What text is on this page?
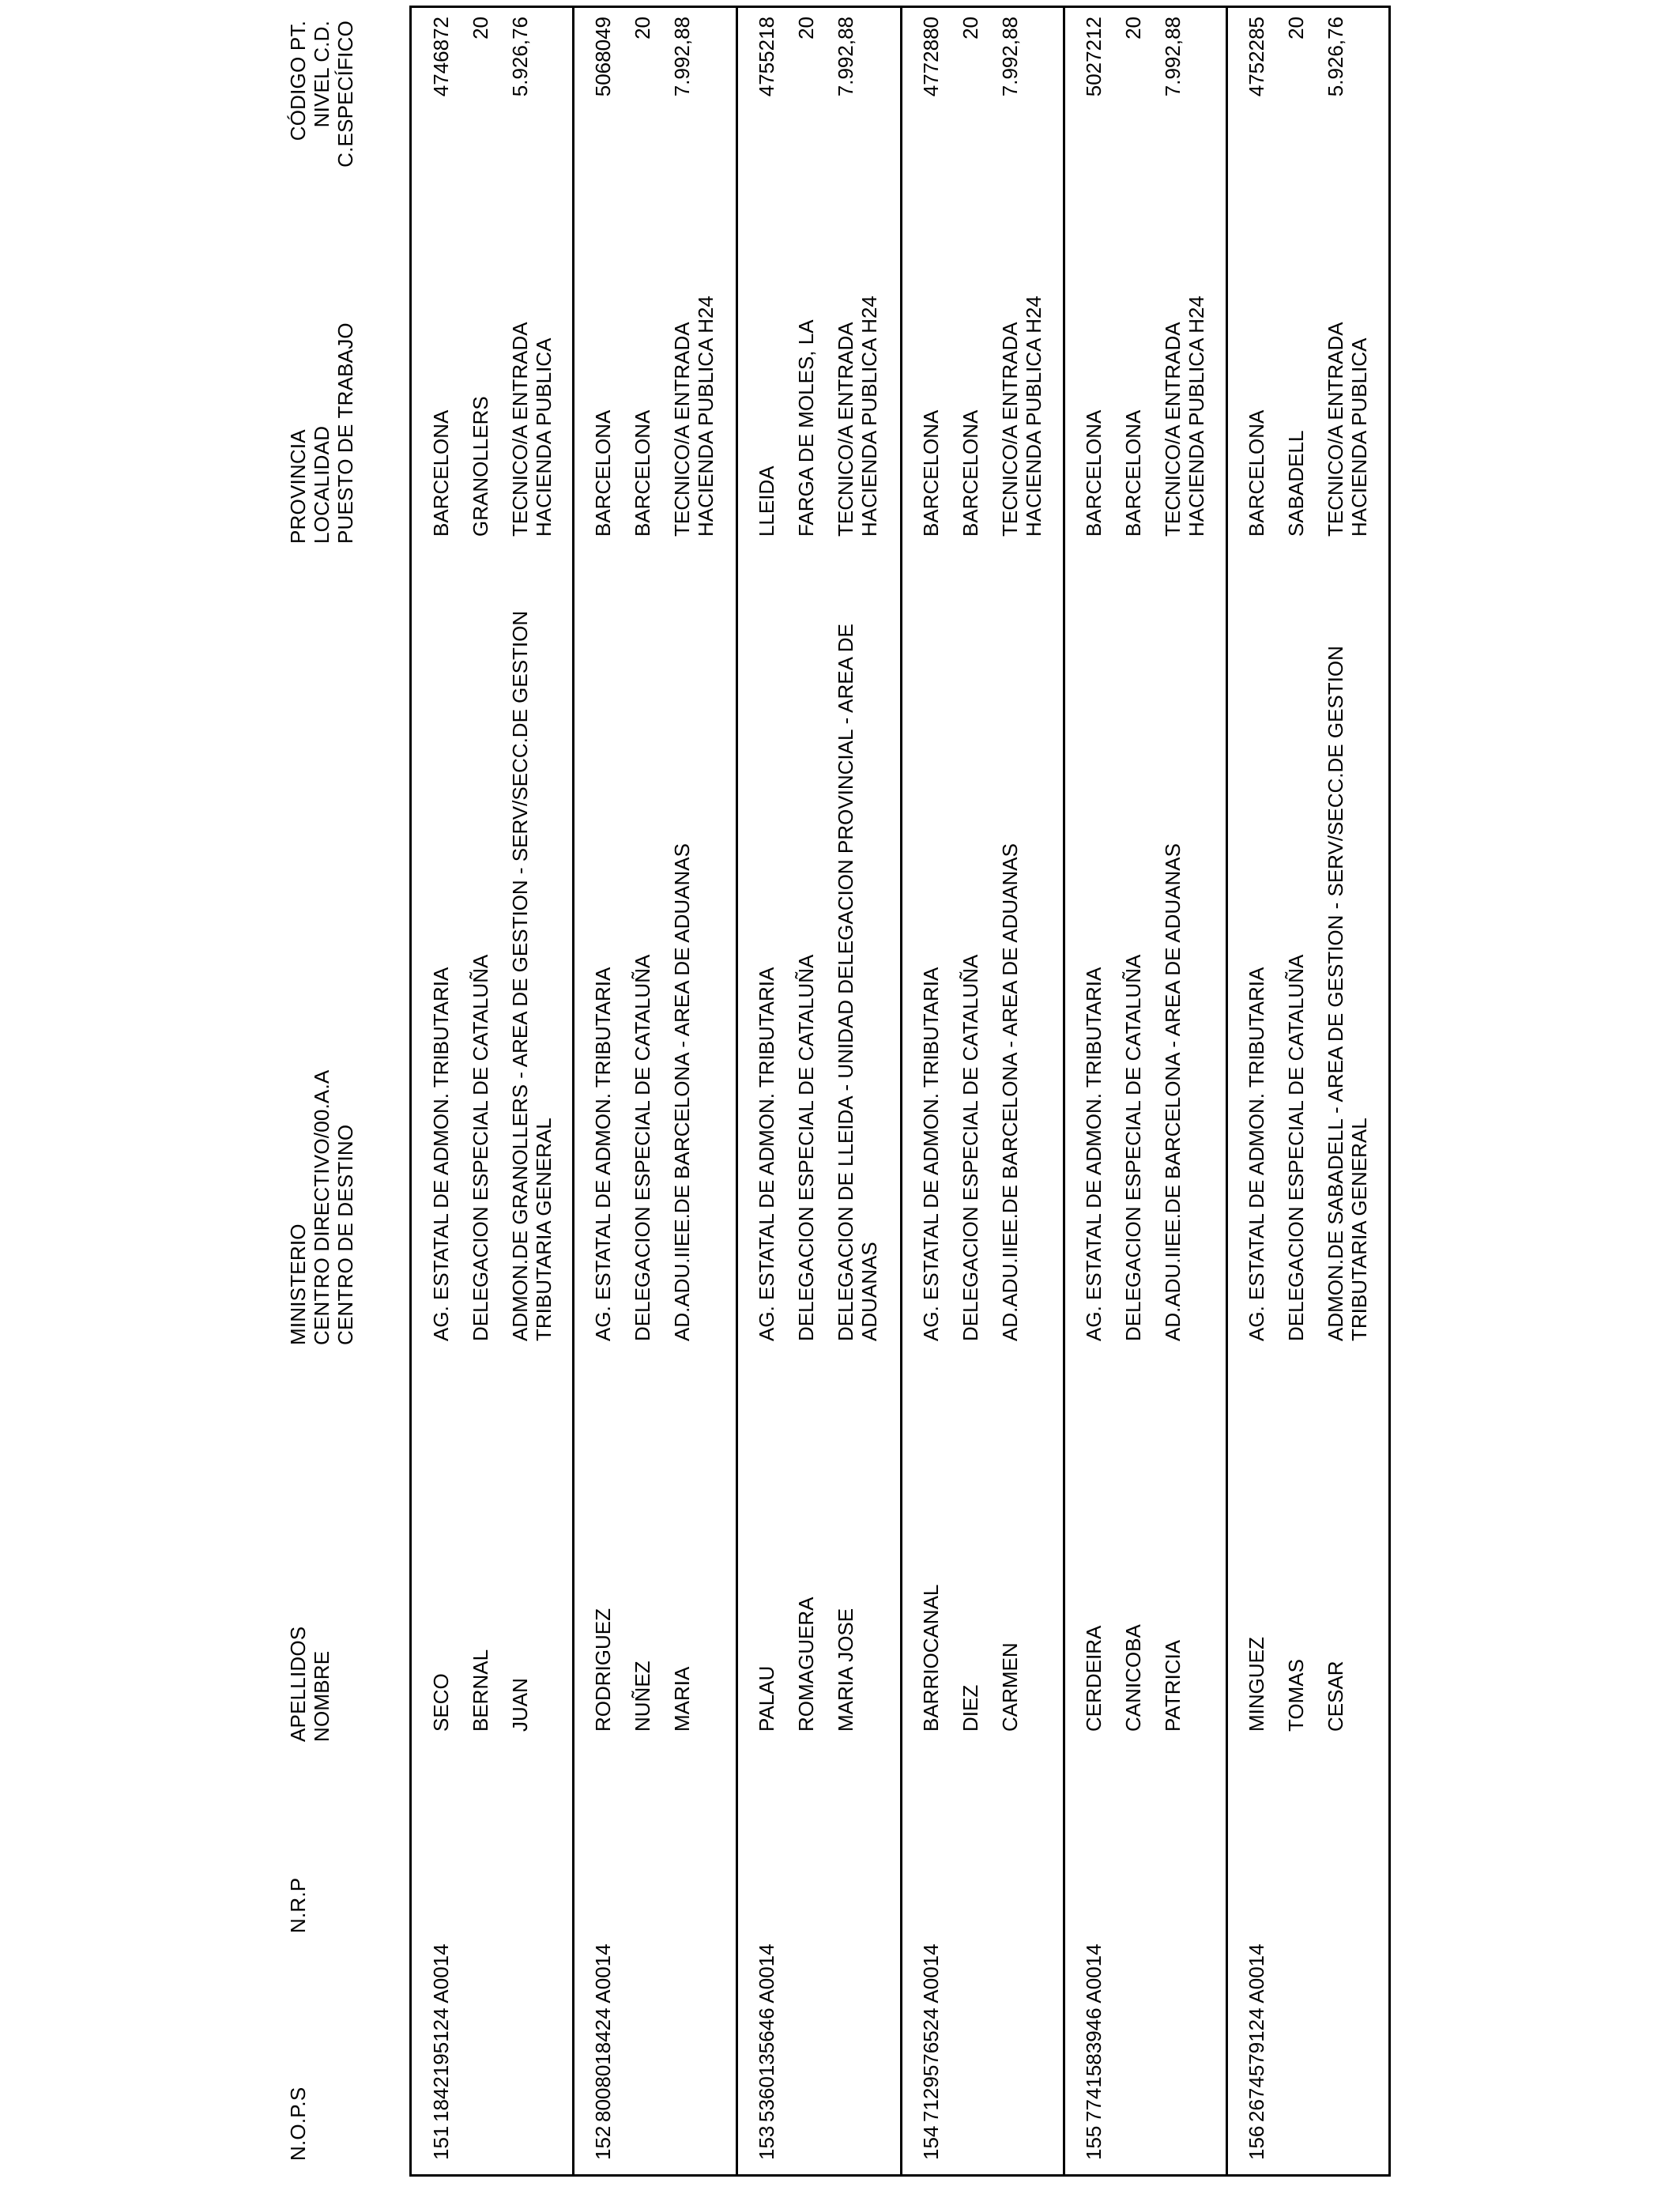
N.O.P.S
N.R.P
APELLIDOS
NOMBRE
MINISTERIO
CENTRO DIRECTIVO/00.A.A
CENTRO DE DESTINO
PROVINCIA
LOCALIDAD
PUESTO DE TRABAJO
CÓDIGO PT.
NIVEL C.D.
C.ESPECÍFICO
151
1842195124 A0014
SECO BERNAL JUAN
AG. ESTATAL DE ADMON. TRIBUTARIA DELEGACION ESPECIAL DE CATALUÑA ADMON.DE GRANOLLERS - AREA DE GESTION - SERV/SECC.DE GESTION TRIBUTARIA GENERAL
BARCELONA GRANOLLERS TECNICO/A ENTRADA HACIENDA PUBLICA
4746872 20 5.926,76
152
8008018424 A0014
RODRIGUEZ NUÑEZ MARIA
AG. ESTATAL DE ADMON. TRIBUTARIA DELEGACION ESPECIAL DE CATALUÑA AD.ADU.IIEE.DE BARCELONA - AREA DE ADUANAS
BARCELONA BARCELONA TECNICO/A ENTRADA HACIENDA PUBLICA H24
5068049 20 7.992,88
153
5360135646 A0014
PALAU ROMAGUERA MARIA JOSE
AG. ESTATAL DE ADMON. TRIBUTARIA DELEGACION ESPECIAL DE CATALUÑA DELEGACION DE LLEIDA - UNIDAD DELEGACION PROVINCIAL - AREA DE ADUANAS
LLEIDA FARGA DE MOLES, LA TECNICO/A ENTRADA HACIENDA PUBLICA H24
4755218 20 7.992,88
154
7129576524 A0014
BARRIOCANAL DIEZ CARMEN
AG. ESTATAL DE ADMON. TRIBUTARIA DELEGACION ESPECIAL DE CATALUÑA AD.ADU.IIEE.DE BARCELONA - AREA DE ADUANAS
BARCELONA BARCELONA TECNICO/A ENTRADA HACIENDA PUBLICA H24
4772880 20 7.992,88
155
7741583946 A0014
CERDEIRA CANICOBA PATRICIA
AG. ESTATAL DE ADMON. TRIBUTARIA DELEGACION ESPECIAL DE CATALUÑA AD.ADU.IIEE.DE BARCELONA - AREA DE ADUANAS
BARCELONA BARCELONA TECNICO/A ENTRADA HACIENDA PUBLICA H24
5027212 20 7.992,88
156
2674579124 A0014
MINGUEZ TOMAS CESAR
AG. ESTATAL DE ADMON. TRIBUTARIA DELEGACION ESPECIAL DE CATALUÑA ADMON.DE SABADELL - AREA DE GESTION - SERV/SECC.DE GESTION TRIBUTARIA GENERAL
BARCELONA SABADELL TECNICO/A ENTRADA HACIENDA PUBLICA
4752285 20 5.926,76
